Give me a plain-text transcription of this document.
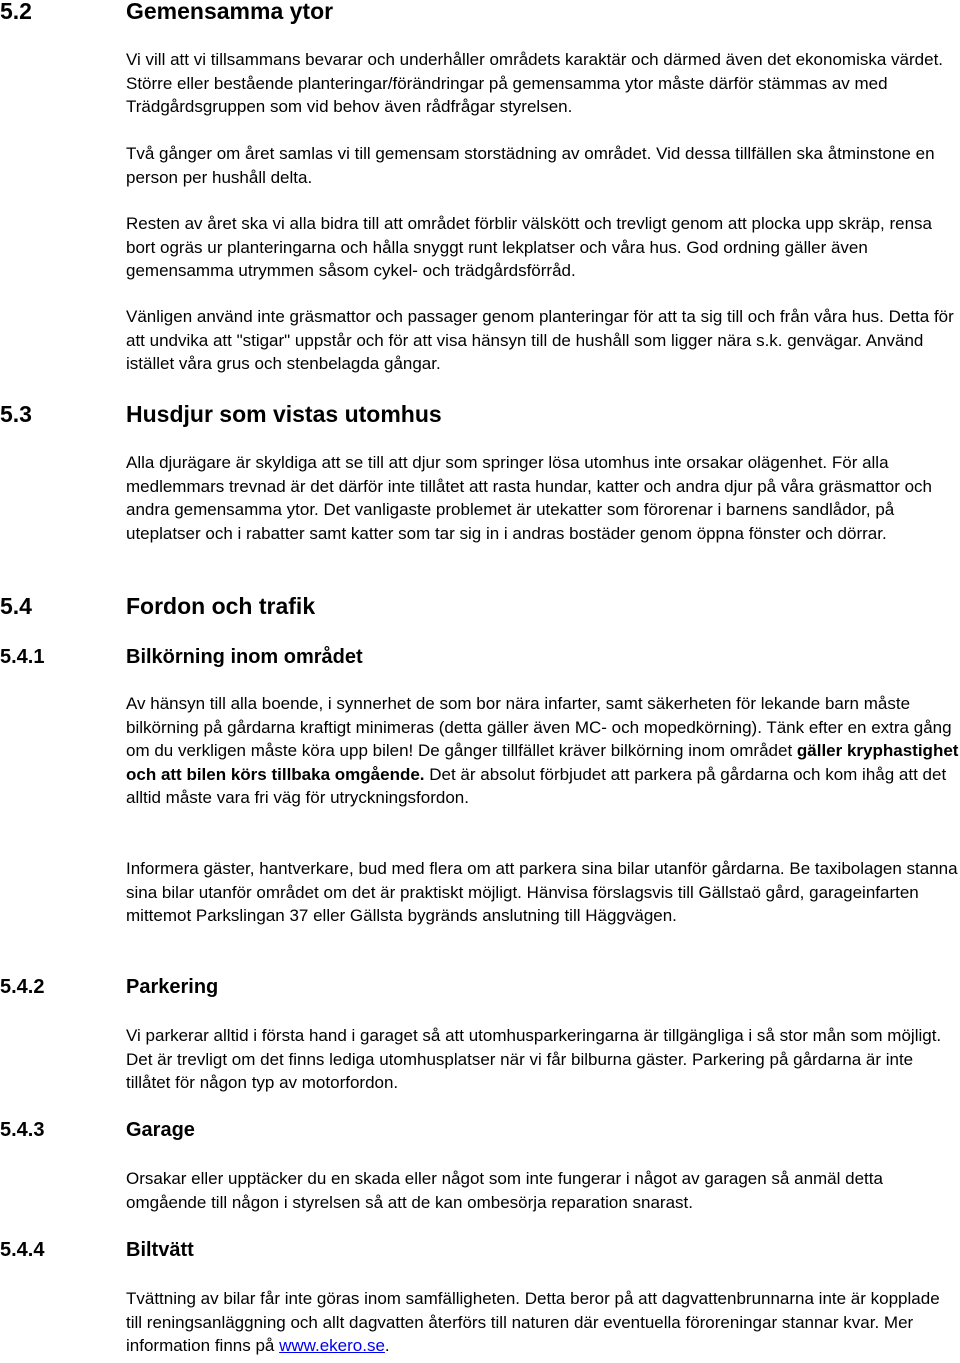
5.2	Gemensamma ytor

Vi vill att vi tillsammans bevarar och underhåller områdets karaktär och därmed även det ekonomiska värdet. Större eller bestående planteringar/förändringar på gemensamma ytor måste därför stämmas av med Trädgårdsgruppen som vid behov även rådfrågar styrelsen.

Två gånger om året samlas vi till gemensam storstädning av området. Vid dessa tillfällen ska åtminstone en person per hushåll delta.

Resten av året ska vi alla bidra till att området förblir välskött och trevligt genom att plocka upp skräp, rensa bort ogräs ur planteringarna och hålla snyggt runt lekplatser och våra hus. God ordning gäller även gemensamma utrymmen såsom cykel- och trädgårdsförråd.

Vänligen använd inte gräsmattor och passager genom planteringar för att ta sig till och från våra hus. Detta för att undvika att "stigar" uppstår och för att visa hänsyn till de hushåll som ligger nära s.k. genvägar. Använd istället våra grus och stenbelagda gångar.

5.3	Husdjur som vistas utomhus

Alla djurägare är skyldiga att se till att djur som springer lösa utomhus inte orsakar olägenhet. För alla medlemmars trevnad är det därför inte tillåtet att rasta hundar, katter och andra djur på våra gräsmattor och andra gemensamma ytor. Det vanligaste problemet är utekatter som förorenar i barnens sandlådor, på uteplatser och i rabatter samt katter som tar sig in i andras bostäder genom öppna fönster och dörrar.

5.4	Fordon och trafik
5.4.1	Bilkörning inom området

Av hänsyn till alla boende, i synnerhet de som bor nära infarter, samt säkerheten för lekande barn måste bilkörning på gårdarna kraftigt minimeras (detta gäller även MC- och mopedkörning). Tänk efter en extra gång om du verkligen måste köra upp bilen! De gånger tillfället kräver bilkörning inom området gäller kryphastighet och att bilen körs tillbaka omgående. Det är absolut förbjudet att parkera på gårdarna och kom ihåg att det alltid måste vara fri väg för utryckningsfordon.

Informera gäster, hantverkare, bud med flera om att parkera sina bilar utanför gårdarna. Be taxibolagen stanna sina bilar utanför området om det är praktiskt möjligt. Hänvisa förslagsvis till Gällstaö gård, garageinfarten mittemot Parkslingan 37 eller Gällsta bygränds anslutning till Häggvägen.

5.4.2	Parkering

Vi parkerar alltid i första hand i garaget så att utomhusparkeringarna är tillgängliga i så stor mån som möjligt. Det är trevligt om det finns lediga utomhusplatser när vi får bilburna gäster. Parkering på gårdarna är inte tillåtet för någon typ av motorfordon.

5.4.3	Garage

Orsakar eller upptäcker du en skada eller något som inte fungerar i något av garagen så anmäl detta omgående till någon i styrelsen så att de kan ombesörja reparation snarast.

5.4.4	Biltvätt

Tvättning av bilar får inte göras inom samfälligheten. Detta beror på att dagvattenbrunnarna inte är kopplade till reningsanläggning och allt dagvatten återförs till naturen där eventuella föroreningar stannar kvar. Mer information finns på www.ekero.se.
